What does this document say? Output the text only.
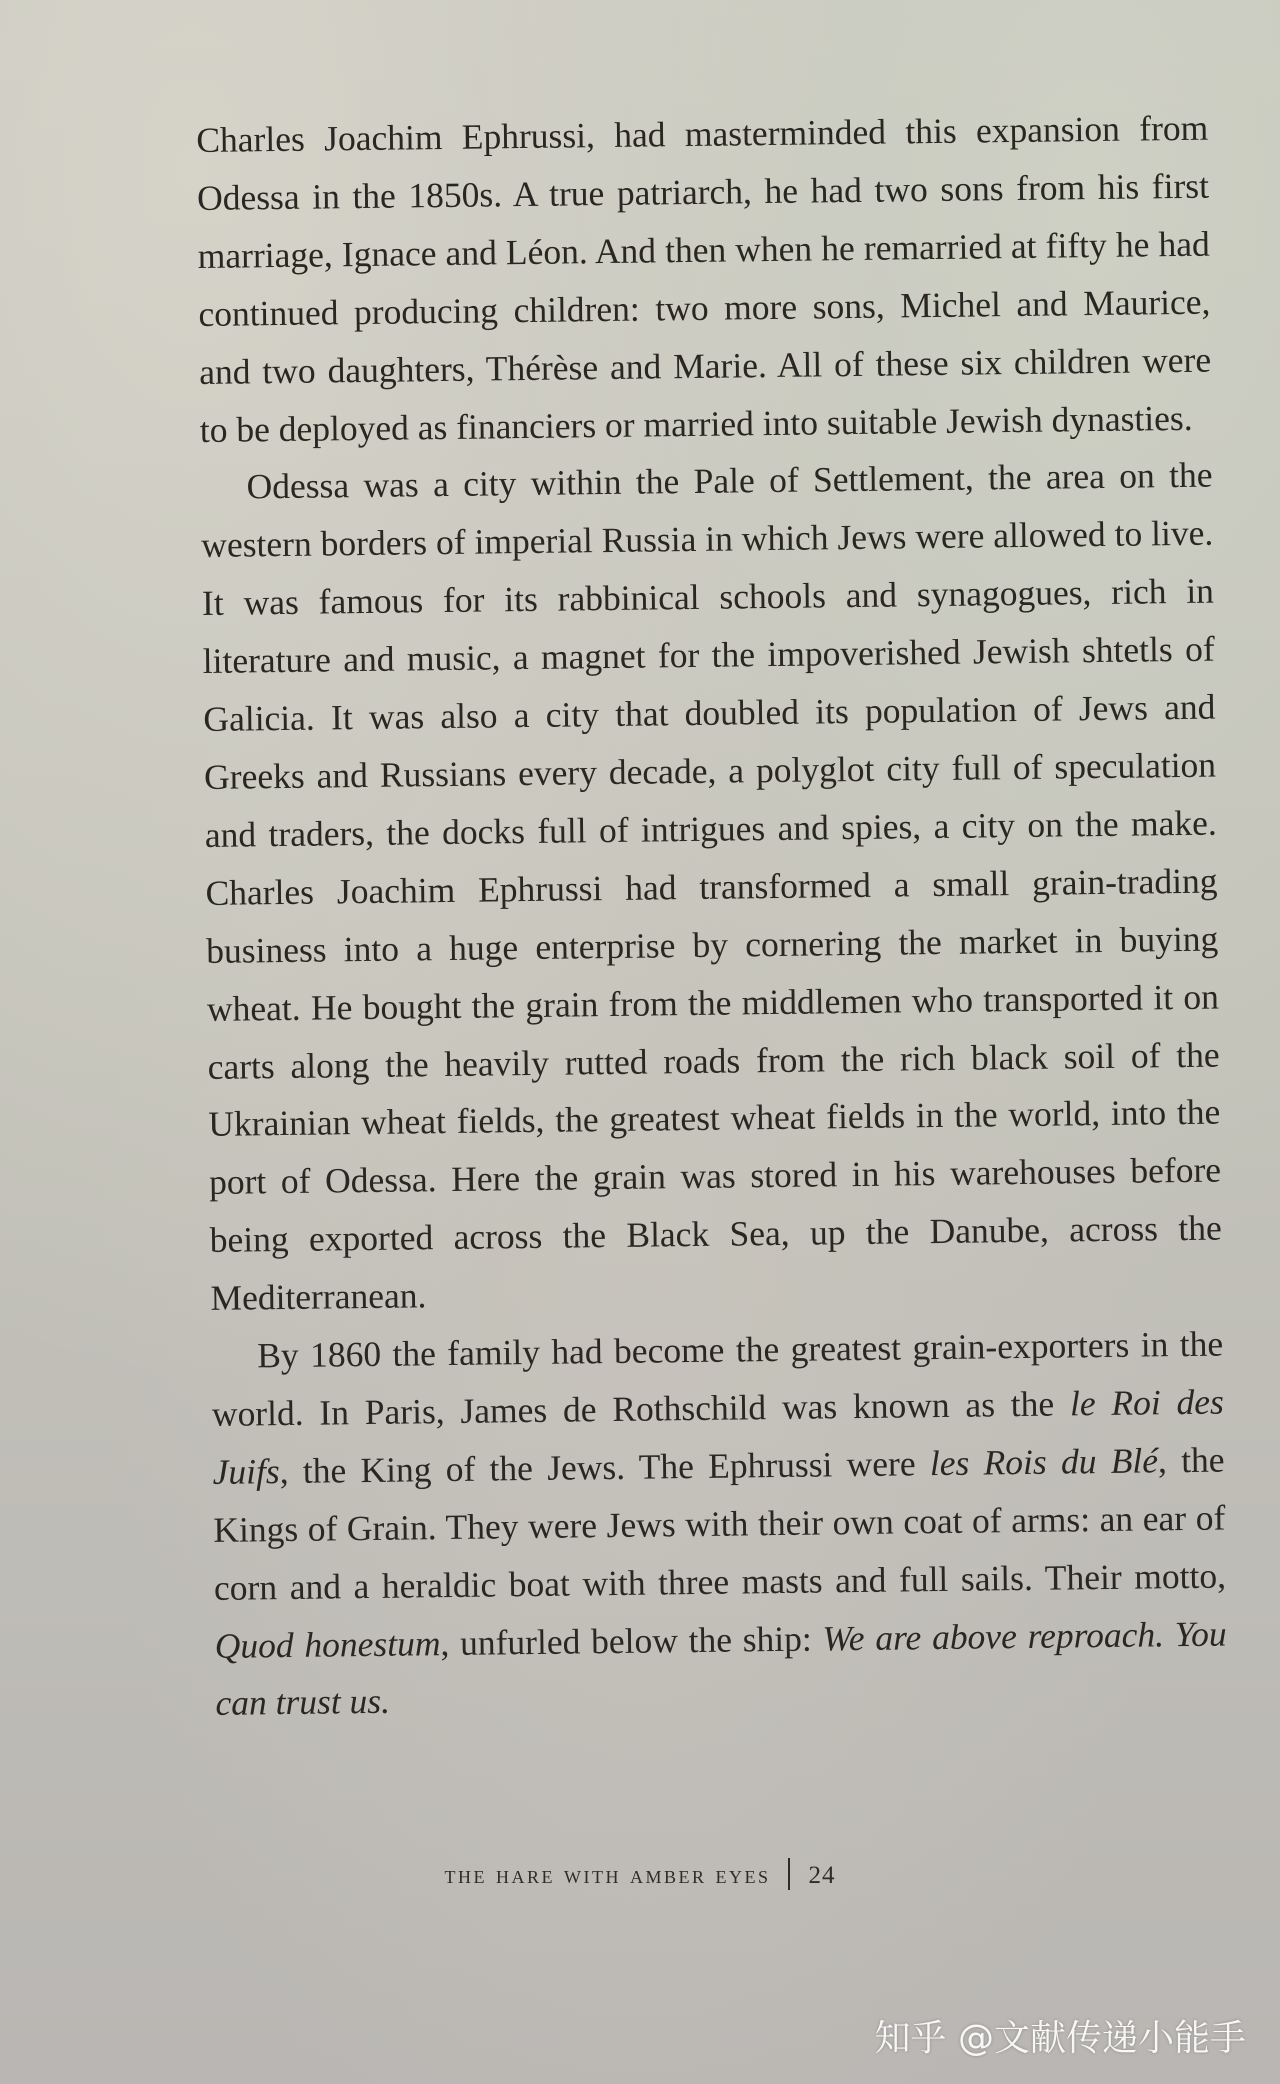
Charles Joachim Ephrussi, had masterminded this expansion from Odessa in the 1850s. A true patriarch, he had two sons from his first marriage, Ignace and Léon. And then when he remarried at fifty he had continued producing children: two more sons, Michel and Maurice, and two daughters, Thérèse and Marie. All of these six children were to be deployed as financiers or married into suitable Jewish dynasties.

Odessa was a city within the Pale of Settlement, the area on the western borders of imperial Russia in which Jews were allowed to live. It was famous for its rabbinical schools and synagogues, rich in literature and music, a magnet for the impoverished Jewish shtetls of Galicia. It was also a city that doubled its population of Jews and Greeks and Russians every decade, a polyglot city full of speculation and traders, the docks full of intrigues and spies, a city on the make. Charles Joachim Ephrussi had transformed a small grain-trading business into a huge enterprise by cornering the market in buying wheat. He bought the grain from the middlemen who transported it on carts along the heavily rutted roads from the rich black soil of the Ukrainian wheat fields, the greatest wheat fields in the world, into the port of Odessa. Here the grain was stored in his warehouses before being exported across the Black Sea, up the Danube, across the Mediterranean.

By 1860 the family had become the greatest grain-exporters in the world. In Paris, James de Rothschild was known as the le Roi des Juifs, the King of the Jews. The Ephrussi were les Rois du Blé, the Kings of Grain. They were Jews with their own coat of arms: an ear of corn and a heraldic boat with three masts and full sails. Their motto, Quod honestum, unfurled below the ship: We are above reproach. You can trust us.

the hare with amber eyes 24
知乎 @文献传递小能手
